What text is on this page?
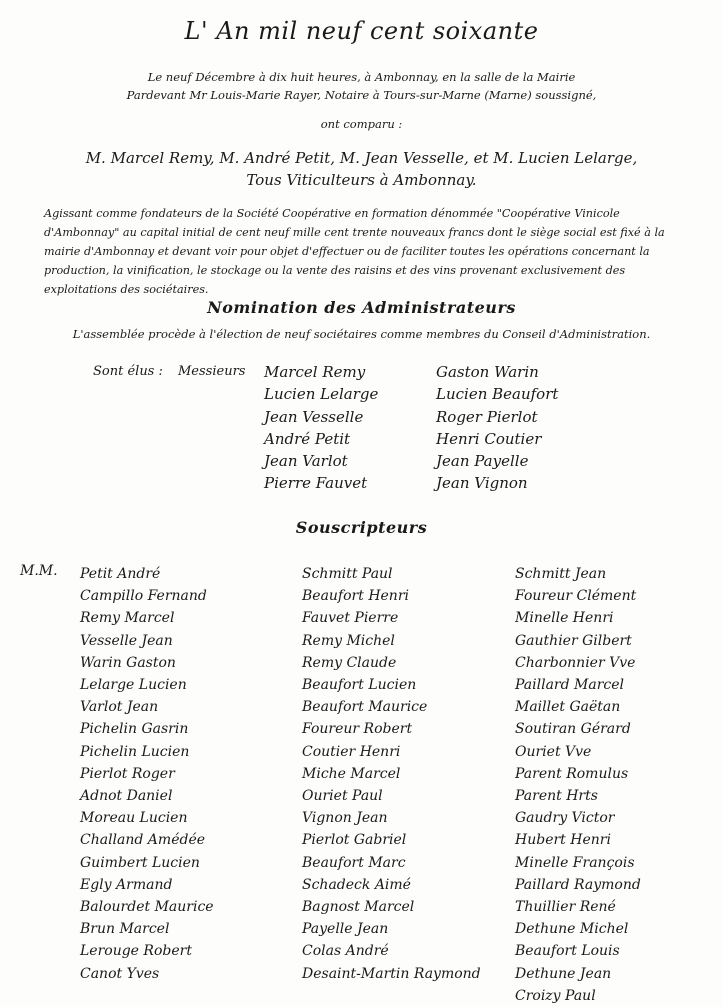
L' An mil neuf cent soixante
Le neuf Décembre à dix huit heures, à Ambonnay, en la salle de la Mairie
Pardevant Mr Louis-Marie Rayer, Notaire à Tours-sur-Marne (Marne) soussigné,
ont comparu :
M. Marcel Remy, M. André Petit, M. Jean Vesselle, et M. Lucien Lelarge,
Tous Viticulteurs à Ambonnay.
Agissant comme fondateurs de la Société Coopérative en formation dénommée "Coopérative Vinicole d'Ambonnay" au capital initial de cent neuf mille cent trente nouveaux francs dont le siège social est fixé à la mairie d'Ambonnay et devant voir pour objet d'effectuer ou de faciliter toutes les opérations concernant la production, la vinification, le stockage ou la vente des raisins et des vins provenant exclusivement des exploitations des sociétaires.
Nomination des Administrateurs
L'assemblée procède à l'élection de neuf sociétaires comme membres du Conseil d'Administration.
Sont élus : Messieurs Marcel Remy
Lucien Lelarge
Jean Vesselle
André Petit
Jean Varlot
Pierre Fauvet
Gaston Warin
Lucien Beaufort
Roger Pierlot
Henri Coutier
Jean Payelle
Jean Vignon
Souscripteurs
M.M. Petit André
Campillo Fernand
Remy Marcel
Vesselle Jean
Warin Gaston
Lelarge Lucien
Varlot Jean
Pichelin Gasrin
Pichelin Lucien
Pierlot Roger
Adnot Daniel
Moreau Lucien
Challand Amédée
Guimbert Lucien
Egly Armand
Balourdet Maurice
Brun Marcel
Lerouge Robert
Canot Yves
Schmitt Paul
Beaufort Henri
Fauvet Pierre
Remy Michel
Remy Claude
Beaufort Lucien
Beaufort Maurice
Foureur Robert
Coutier Henri
Miche Marcel
Ouriet Paul
Vignon Jean
Pierlot Gabriel
Beaufort Marc
Schadeck Aimé
Bagnost Marcel
Payelle Jean
Colas André
Desaint-Martin Raymond
Schmitt Jean
Foureur Clément
Minelle Henri
Gauthier Gilbert
Charbonnier Vve
Paillard Marcel
Maillet Gaëtan
Soutiran Gérard
Ouriet Vve
Parent Romulus
Parent Hrts
Gaudry Victor
Hubert Henri
Minelle François
Paillard Raymond
Thuillier René
Dethune Michel
Beaufort Louis
Dethune Jean
Croizy Paul
